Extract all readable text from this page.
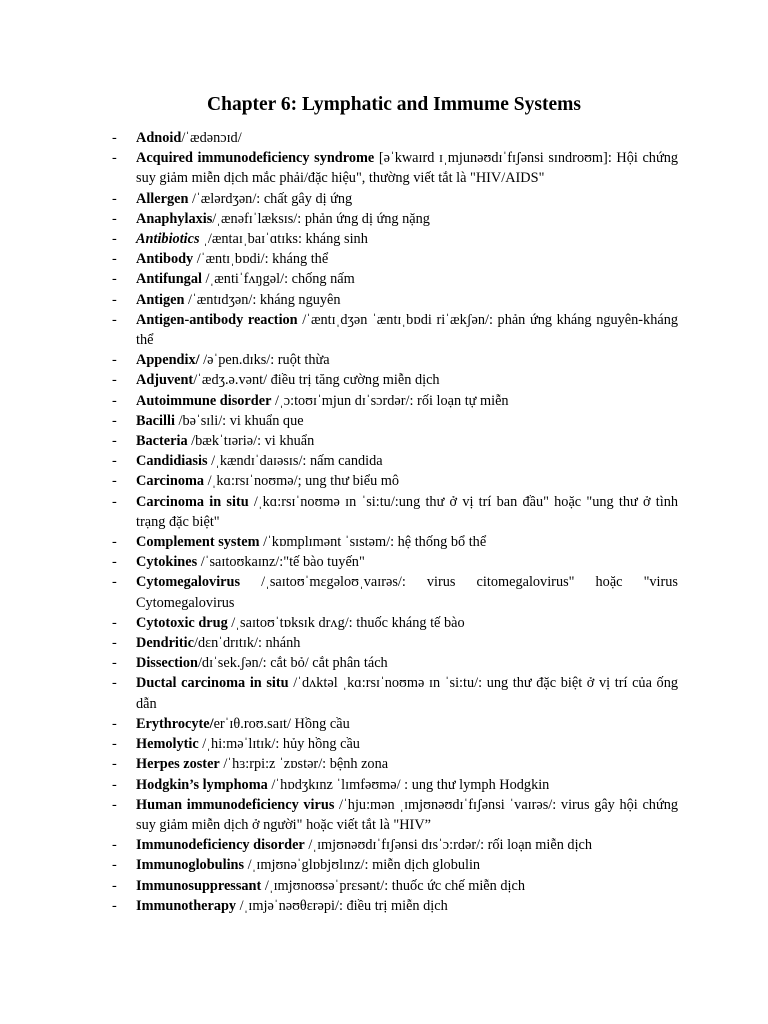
Chapter 6: Lymphatic and Immume Systems
- Adnoid/ˈædənɔɪd/
- Acquired immunodeficiency syndrome [əˈkwaɪrd ɪˌmjunəʊdɪˈfɪʃənsi sɪndroʊm]: Hội chứng suy giảm miễn dịch mắc phải/đặc hiệu", thường viết tắt là "HIV/AIDS"
- Allergen /ˈælərdʒən/: chất gây dị ứng
- Anaphylaxis/ˌænəfɪˈlæksɪs/: phản ứng dị ứng nặng
- Antibiotics ˌ/æntaɪˌbaɪˈɑtɪks: kháng sinh
- Antibody /ˈæntɪˌbɒdi/: kháng thể
- Antifungal /ˌæntiˈfʌŋgəl/: chống nấm
- Antigen /ˈæntɪdʒən/: kháng nguyên
- Antigen-antibody reaction /ˈæntɪˌdʒən ˈæntɪˌbɒdi riˈækʃən/: phản ứng kháng nguyên-kháng thể
- Appendix/ /əˈpen.dɪks/: ruột thừa
- Adjuvent/ˈædʒ.ə.vənt/ điều trị tăng cường miễn dịch
- Autoimmune disorder /ˌɔ:toʊɪˈmjun dɪˈsɔrdər/: rối loạn tự miễn
- Bacilli /bəˈsɪli/: vi khuẩn que
- Bacteria /bækˈtɪəriə/: vi khuẩn
- Candidiasis /ˌkændɪˈdaɪəsɪs/: nấm candida
- Carcinoma /ˌkɑ:rsɪˈnoʊmə/; ung thư biểu mô
- Carcinoma in situ /ˌkɑ:rsɪˈnoʊmə ɪn ˈsi:tu/:ung thư ở vị trí ban đầu" hoặc "ung thư ở tình trạng đặc biệt"
- Complement system /ˈkɒmplɪmənt ˈsɪstəm/: hệ thống bổ thể
- Cytokines /ˈsaɪtoʊkaɪnz/:"tế bào tuyến"
- Cytomegalovirus /ˌsaɪtoʊˈmɛgəloʊˌvaɪrəs/: virus citomegalovirus" hoặc "virus Cytomegalovirus
- Cytotoxic drug /ˌsaɪtoʊˈtɒksɪk drʌg/: thuốc kháng tế bào
- Dendritic/dɛnˈdrɪtɪk/: nhánh
- Dissection/dɪˈsek.ʃən/: cắt bỏ/ cắt phân tách
- Ductal carcinoma in situ /ˈdʌktəl ˌkɑ:rsɪˈnoʊmə ɪn ˈsi:tu/: ung thư đặc biệt ở vị trí của ống dẫn
- Erythrocyte/erˈɪθ.roʊ.saɪt/ Hồng cầu
- Hemolytic /ˌhi:məˈlɪtɪk/: hủy hồng cầu
- Herpes zoster /ˈhɜ:rpi:z ˈzɒstər/: bệnh zona
- Hodgkin’s lymphoma /ˈhɒdʒkɪnz ˈlɪmfəʊmə/ : ung thư lymph Hodgkin
- Human immunodeficiency virus /ˈhju:mən ˌɪmjʊnəʊdɪˈfɪʃənsi ˈvaɪrəs/: virus gây hội chứng suy giảm miễn dịch ở người" hoặc viết tắt là "HIV”
- Immunodeficiency disorder /ˌɪmjʊnəʊdɪˈfɪʃənsi dɪsˈɔ:rdər/: rối loạn miễn dịch
- Immunoglobulins /ˌɪmjʊnəˈglɒbjʊlɪnz/: miễn dịch globulin
- Immunosuppressant /ˌɪmjʊnoʊsəˈprɛsənt/: thuốc ức chế miễn dịch
- Immunotherapy /ˌɪmjəˈnəʊθɛrəpi/: điều trị miễn dịch
